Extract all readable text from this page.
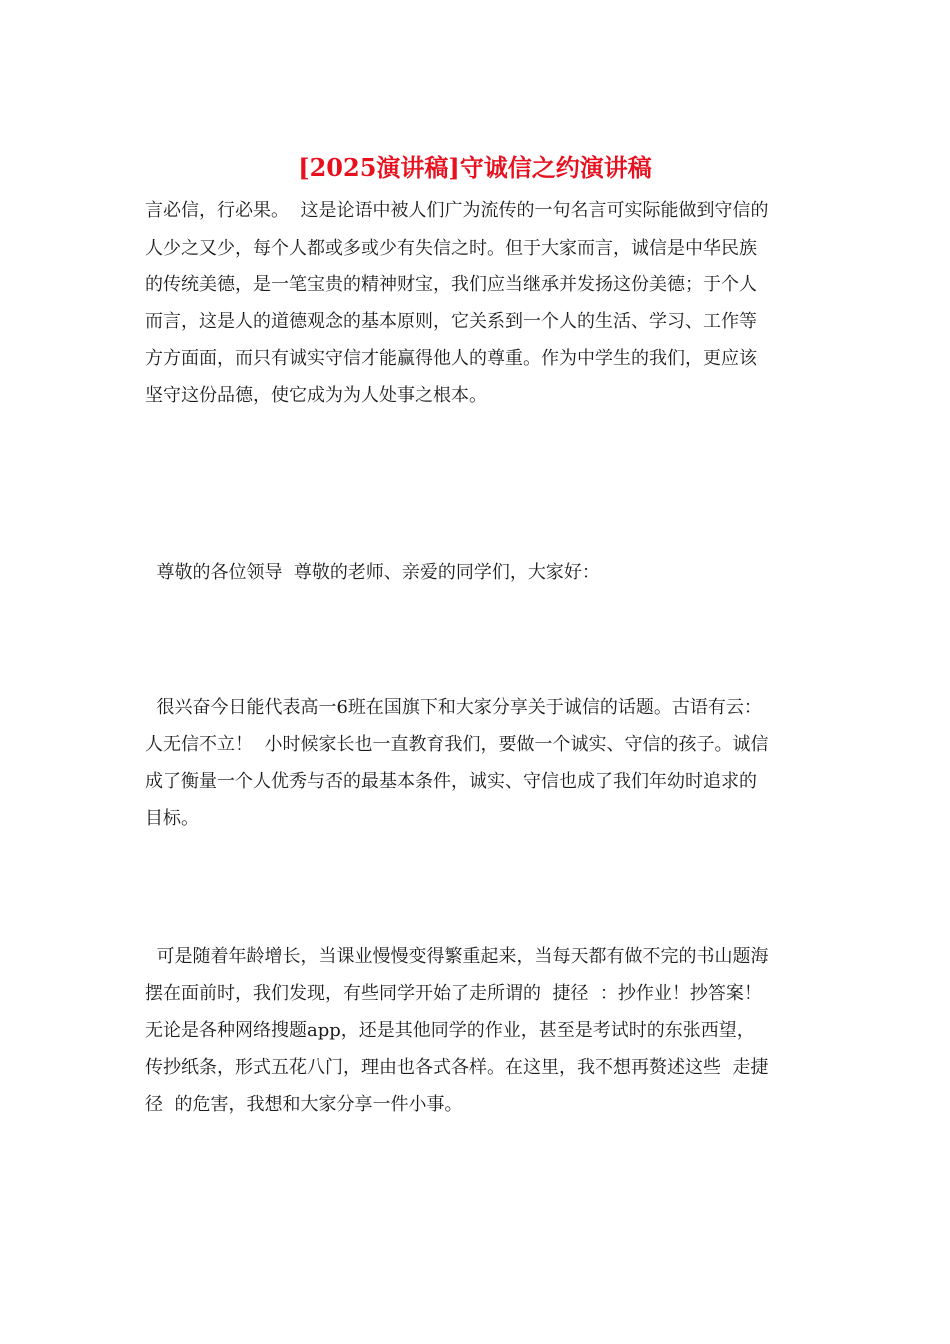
[2025演讲稿]守诚信之约演讲稿
言必信，行必果。  这是论语中被人们广为流传的一句名言可实际能做到守信的
人少之又少，每个人都或多或少有失信之时。但于大家而言，诚信是中华民族
的传统美德，是一笔宝贵的精神财宝，我们应当继承并发扬这份美德；于个人
而言，这是人的道德观念的基本原则，它关系到一个人的生活、学习、工作等
方方面面，而只有诚实守信才能赢得他人的尊重。作为中学生的我们，更应该
坚守这份品德，使它成为为人处事之根本。
尊敬的各位领导  尊敬的老师、亲爱的同学们，大家好：
很兴奋今日能代表高一6班在国旗下和大家分享关于诚信的话题。古语有云：
人无信不立！  小时候家长也一直教育我们，要做一个诚实、守信的孩子。诚信
成了衡量一个人优秀与否的最基本条件，诚实、守信也成了我们年幼时追求的
目标。
可是随着年龄增长，当课业慢慢变得繁重起来，当每天都有做不完的书山题海
摆在面前时，我们发现，有些同学开始了走所谓的  捷径  ：抄作业！抄答案！
无论是各种网络搜题app，还是其他同学的作业，甚至是考试时的东张西望，
传抄纸条，形式五花八门，理由也各式各样。在这里，我不想再赘述这些  走捷
径  的危害，我想和大家分享一件小事。
